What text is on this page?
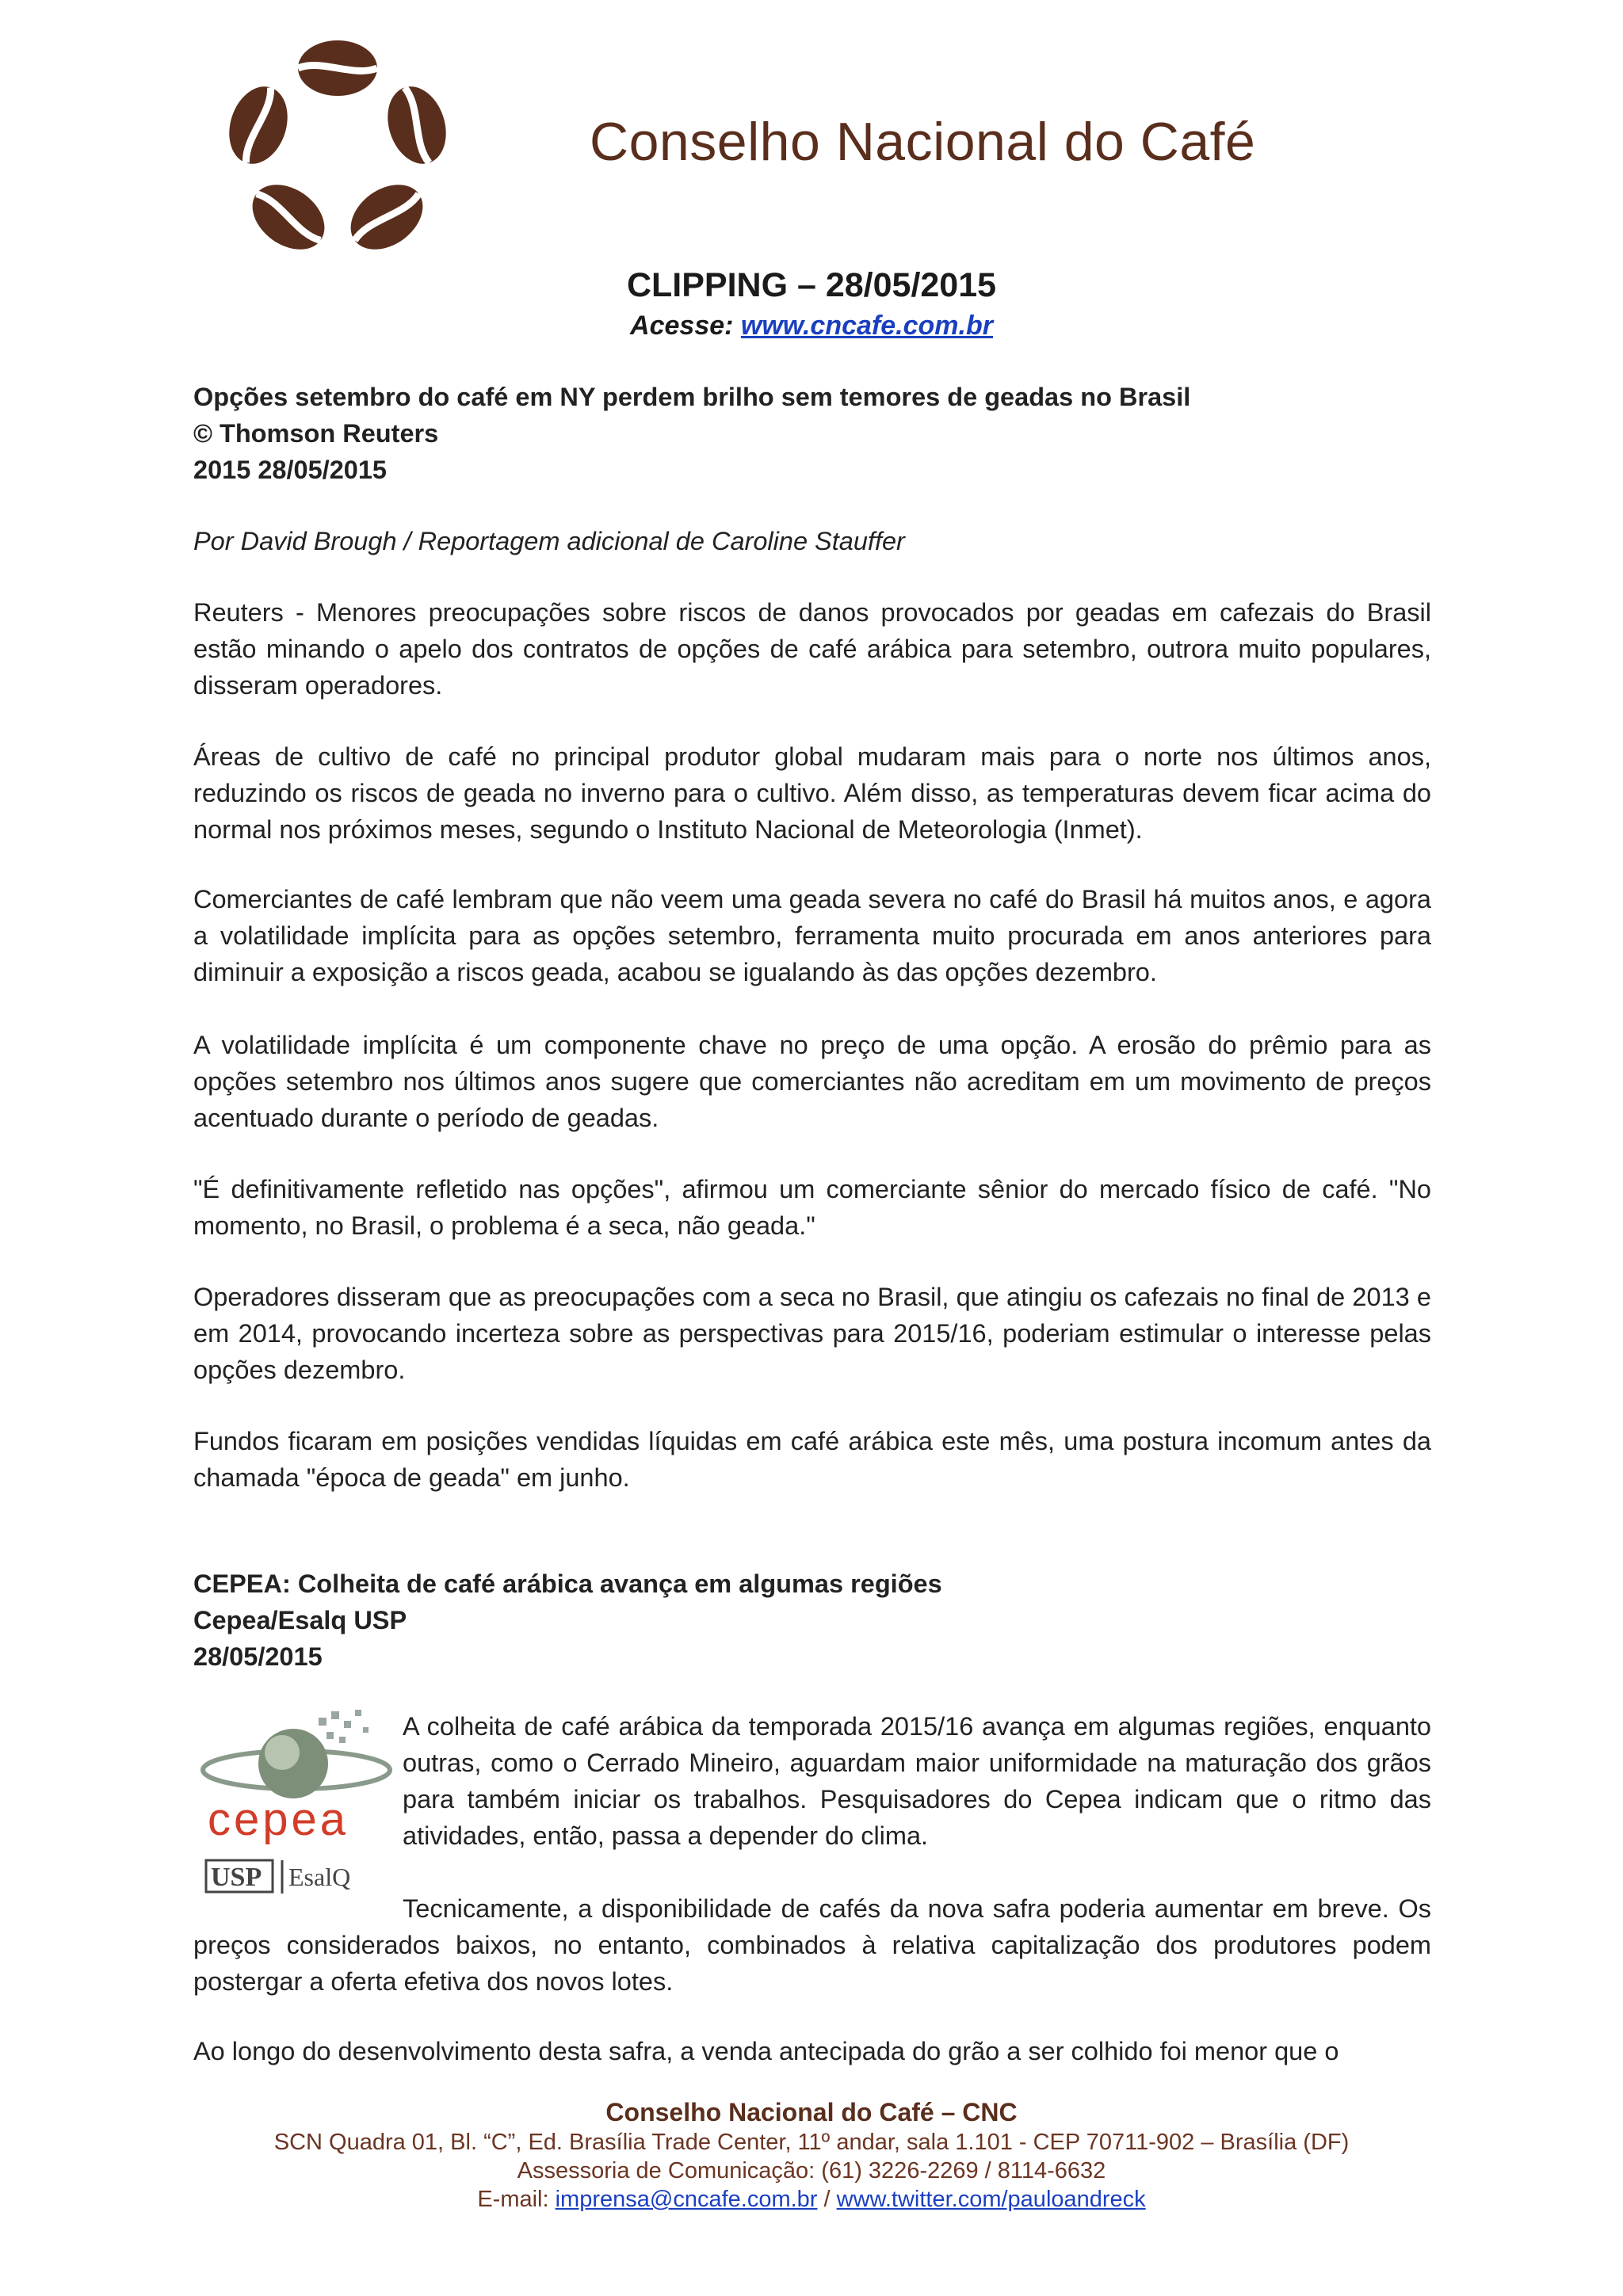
Conselho Nacional do Café
CLIPPING – 28/05/2015
Acesse: www.cncafe.com.br

Opções setembro do café em NY perdem brilho sem temores de geadas no Brasil

© Thomson Reuters

2015 28/05/2015

Por David Brough / Reportagem adicional de Caroline Stauffer

Reuters - Menores preocupações sobre riscos de danos provocados por geadas em cafezais do Brasil estão minando o apelo dos contratos de opções de café arábica para setembro, outrora muito populares, disseram operadores.

Áreas de cultivo de café no principal produtor global mudaram mais para o norte nos últimos anos, reduzindo os riscos de geada no inverno para o cultivo. Além disso, as temperaturas devem ficar acima do normal nos próximos meses, segundo o Instituto Nacional de Meteorologia (Inmet).

Comerciantes de café lembram que não veem uma geada severa no café do Brasil há muitos anos, e agora a volatilidade implícita para as opções setembro, ferramenta muito procurada em anos anteriores para diminuir a exposição a riscos geada, acabou se igualando às das opções dezembro.

A volatilidade implícita é um componente chave no preço de uma opção. A erosão do prêmio para as opções setembro nos últimos anos sugere que comerciantes não acreditam em um movimento de preços acentuado durante o período de geadas.

"É definitivamente refletido nas opções", afirmou um comerciante sênior do mercado físico de café. "No momento, no Brasil, o problema é a seca, não geada."

Operadores disseram que as preocupações com a seca no Brasil, que atingiu os cafezais no final de 2013 e em 2014, provocando incerteza sobre as perspectivas para 2015/16, poderiam estimular o interesse pelas opções dezembro.

Fundos ficaram em posições vendidas líquidas em café arábica este mês, uma postura incomum antes da chamada "época de geada" em junho.

CEPEA: Colheita de café arábica avança em algumas regiões

Cepea/Esalq USP

28/05/2015

cepea
USP EsalQ

A colheita de café arábica da temporada 2015/16 avança em algumas regiões, enquanto outras, como o Cerrado Mineiro, aguardam maior uniformidade na maturação dos grãos para também iniciar os trabalhos. Pesquisadores do Cepea indicam que o ritmo das atividades, então, passa a depender do clima.

Tecnicamente, a disponibilidade de cafés da nova safra poderia aumentar em breve. Os preços considerados baixos, no entanto, combinados à relativa capitalização dos produtores podem postergar a oferta efetiva dos novos lotes.

Ao longo do desenvolvimento desta safra, a venda antecipada do grão a ser colhido foi menor que o

Conselho Nacional do Café – CNC
SCN Quadra 01, Bl. “C”, Ed. Brasília Trade Center, 11º andar, sala 1.101 - CEP 70711-902 – Brasília (DF)
Assessoria de Comunicação: (61) 3226-2269 / 8114-6632
E-mail: imprensa@cncafe.com.br / www.twitter.com/pauloandreck
